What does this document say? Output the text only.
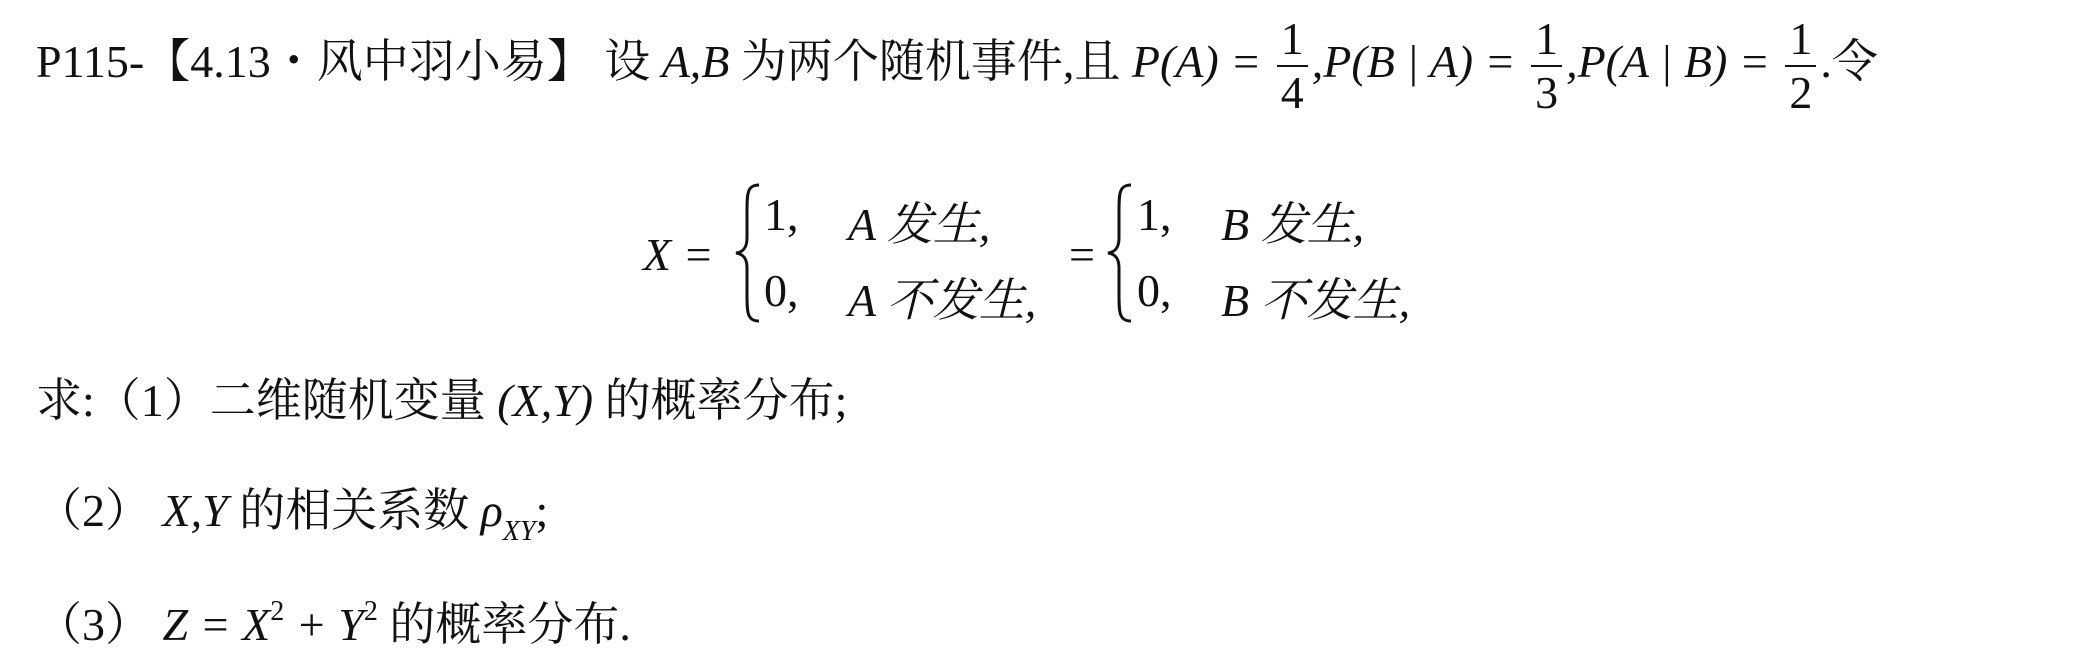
P115-【4.13・风中羽小易】 设 A,B 为两个随机事件,且 $P(A) = \frac{1}{4} ,P(B$ | $A) = \frac{1}{3} ,P(A$ | $B) = \frac{1}{2}$ .令
X =
1, A 发生,
0, A 不发生,
=
1, B 发生,
0, B 不发生,
求:（1）二维随机变量 (X,Y) 的概率分布;
（2） X,Y 的相关系数 $\rho_{XY}$;
（3） $Z = X^2 + Y^2$ 的概率分布.
